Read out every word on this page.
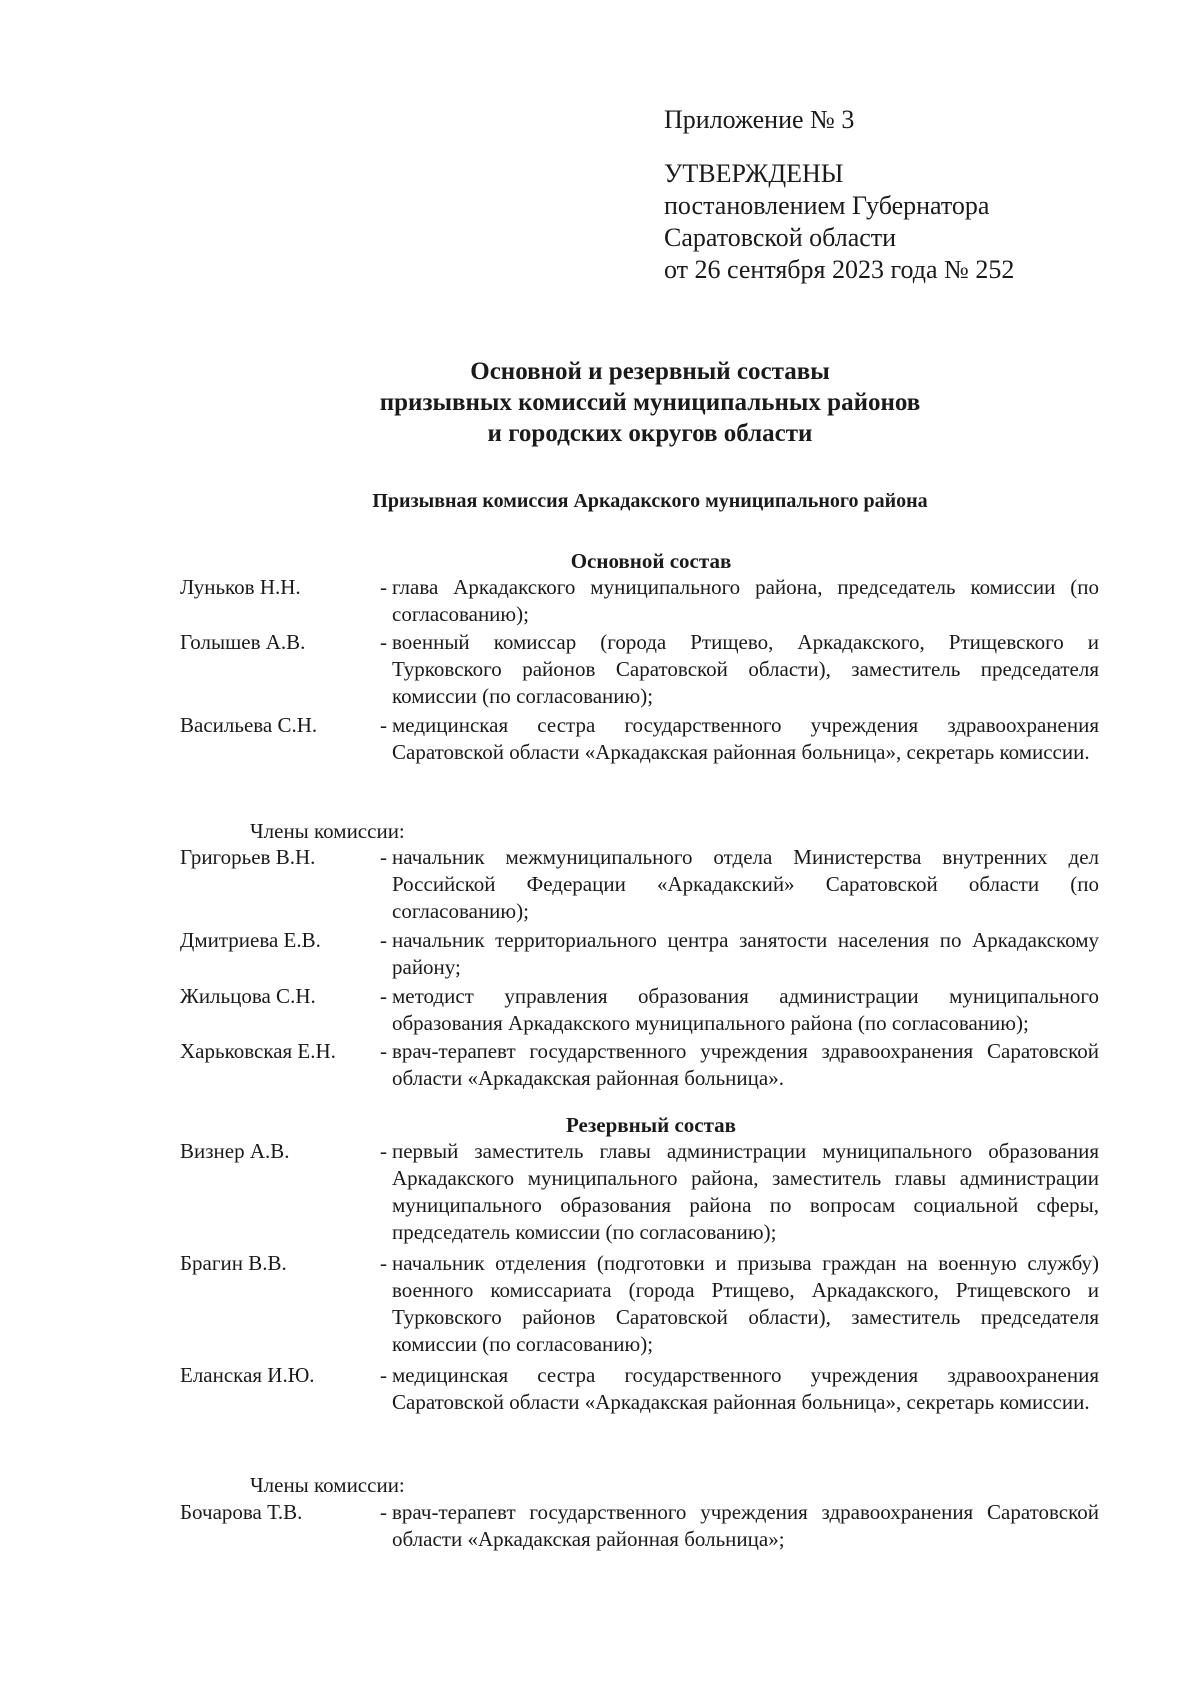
Приложение № 3
УТВЕРЖДЕНЫ
постановлением Губернатора
Саратовской области
от 26 сентября 2023 года № 252
Основной и резервный составы
призывных комиссий муниципальных районов
и городских округов области
Призывная комиссия Аркадакского муниципального района
Основной состав
Луньков Н.Н.	- глава Аркадакского муниципального района, председатель комиссии (по согласованию);
Голышев А.В.	- военный комиссар (города Ртищево, Аркадакского, Ртищевского и Турковского районов Саратовской области), заместитель председателя комиссии (по согласованию);
Васильева С.Н.	- медицинская сестра государственного учреждения здравоохранения Саратовской области «Аркадакская районная больница», секретарь комиссии.
Члены комиссии:
Григорьев В.Н.	- начальник межмуниципального отдела Министерства внутренних дел Российской Федерации «Аркадакский» Саратовской области (по согласованию);
Дмитриева Е.В.	- начальник территориального центра занятости населения по Аркадакскому району;
Жильцова С.Н.	- методист управления образования администрации муниципального образования Аркадакского муниципального района (по согласованию);
Харьковская Е.Н.	- врач-терапевт государственного учреждения здравоохранения Саратовской области «Аркадакская районная больница».
Резервный состав
Визнер А.В.	- первый заместитель главы администрации муниципального образования Аркадакского муниципального района, заместитель главы администрации муниципального образования района по вопросам социальной сферы, председатель комиссии (по согласованию);
Брагин В.В.	- начальник отделения (подготовки и призыва граждан на военную службу) военного комиссариата (города Ртищево, Аркадакского, Ртищевского и Турковского районов Саратовской области), заместитель председателя комиссии (по согласованию);
Еланская И.Ю.	- медицинская сестра государственного учреждения здравоохранения Саратовской области «Аркадакская районная больница», секретарь комиссии.
Члены комиссии:
Бочарова Т.В.	- врач-терапевт государственного учреждения здравоохранения Саратовской области «Аркадакская районная больница»;
